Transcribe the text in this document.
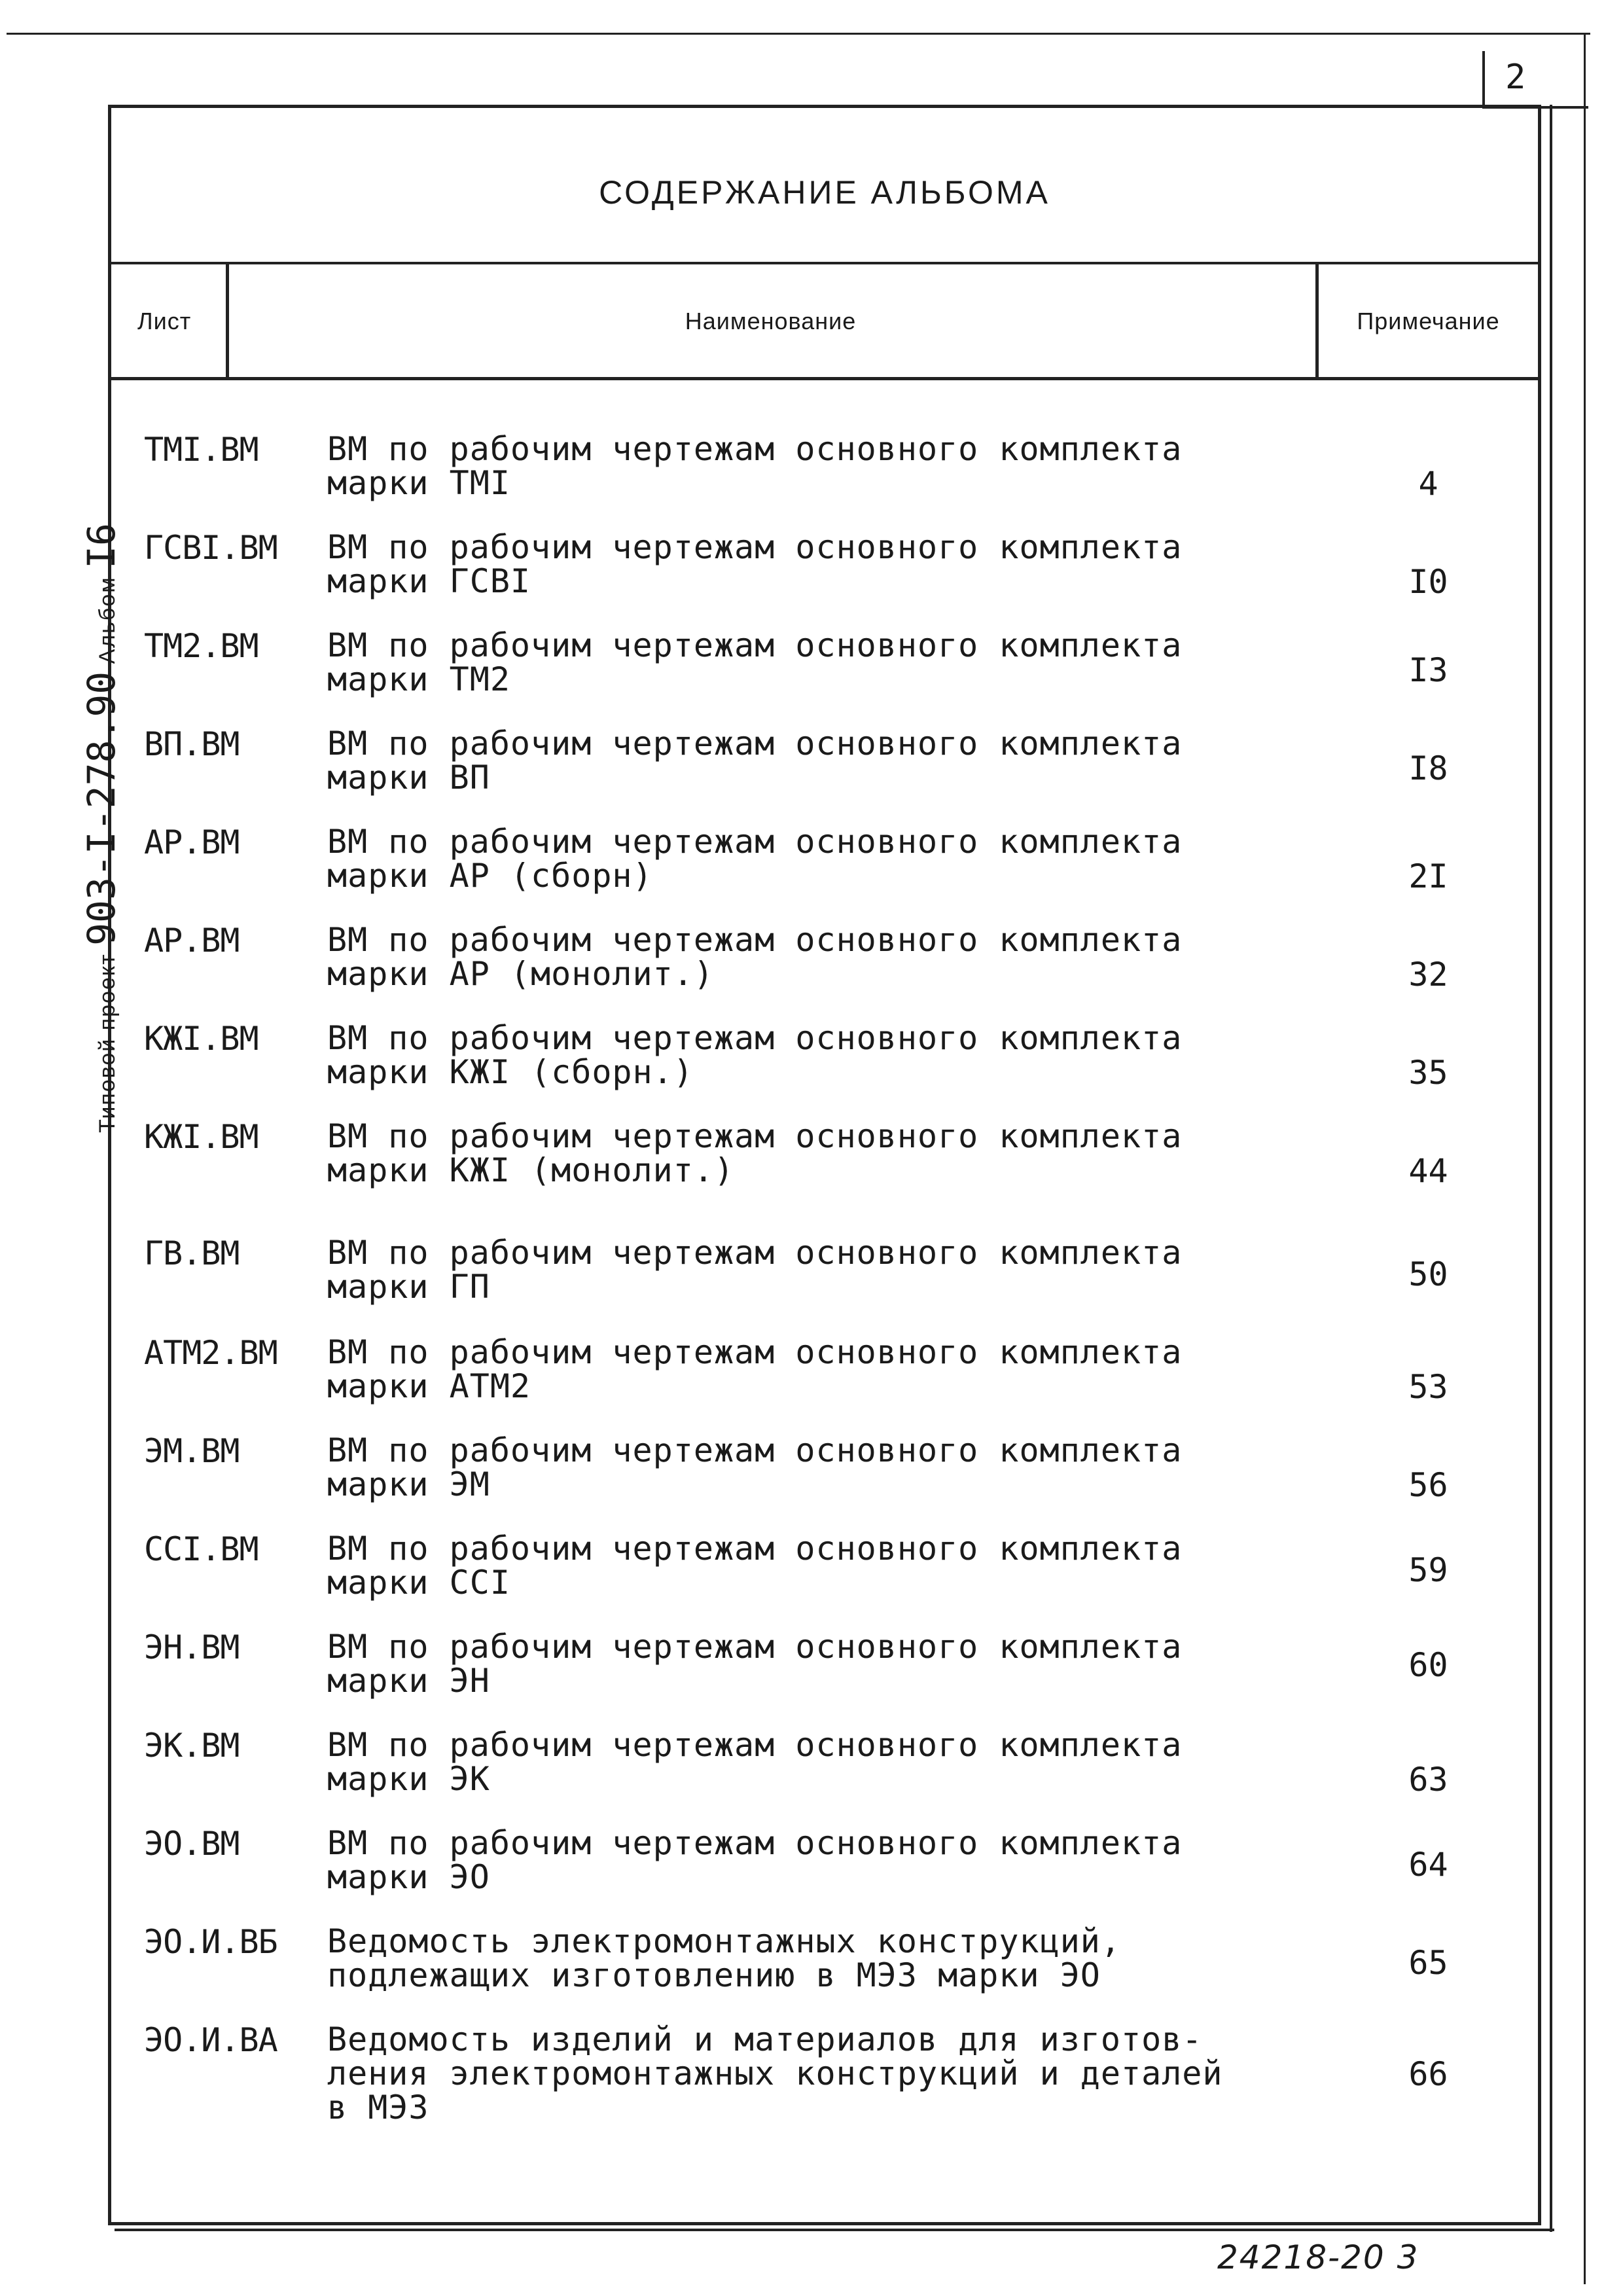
2
Типовой проект 903-I-278.90 Альбом I6
СОДЕРЖАНИЕ АЛЬБОМА
Лист	Наименование	Примечание
TMI.BM ВМ по рабочим чертежам основного комплекта
марки ТМI	4
ГСВI.ВМ ВМ по рабочим чертежам основного комплекта
марки ГСВI	I0
ТМ2.ВМ ВМ по рабочим чертежам основного комплекта
марки ТМ2	I3
ВП.ВМ	ВМ по рабочим чертежам основного комплекта
марки ВП	I8
АР.ВМ	ВМ по рабочим чертежам основного комплекта
марки АР (сборн)	2I
АР.ВМ	ВМ по рабочим чертежам основного комплекта
марки АР (монолит.)	32
КЖI.ВМ ВМ по рабочим чертежам основного комплекта
марки КЖI (сборн.)	35
КЖI.ВМ ВМ по рабочим чертежам основного комплекта
марки КЖI (монолит.)	44
ГВ.ВМ	ВМ по рабочим чертежам основного комплекта
марки ГП	50
АТМ2.ВМ ВМ по рабочим чертежам основного комплекта
марки АТМ2	53
ЭМ.ВМ	ВМ по рабочим чертежам основного комплекта
марки ЭМ	56
ССI.ВМ ВМ по рабочим чертежам основного комплекта
марки ССI	59
ЭН.ВМ	ВМ по рабочим чертежам основного комплекта
марки ЭН	60
ЭК.ВМ	ВМ по рабочим чертежам основного комплекта
марки ЭК	63
ЭО.ВМ	ВМ по рабочим чертежам основного комплекта
марки ЭО	64
ЭО.И.ВБ Ведомость электромонтажных конструкций,
подлежащих изготовлению в МЭЗ марки ЭО	65
ЭО.И.ВА Ведомость изделий и материалов для изготов-
ления электромонтажных конструкций и деталей
в МЭЗ
66
24218-20 3
